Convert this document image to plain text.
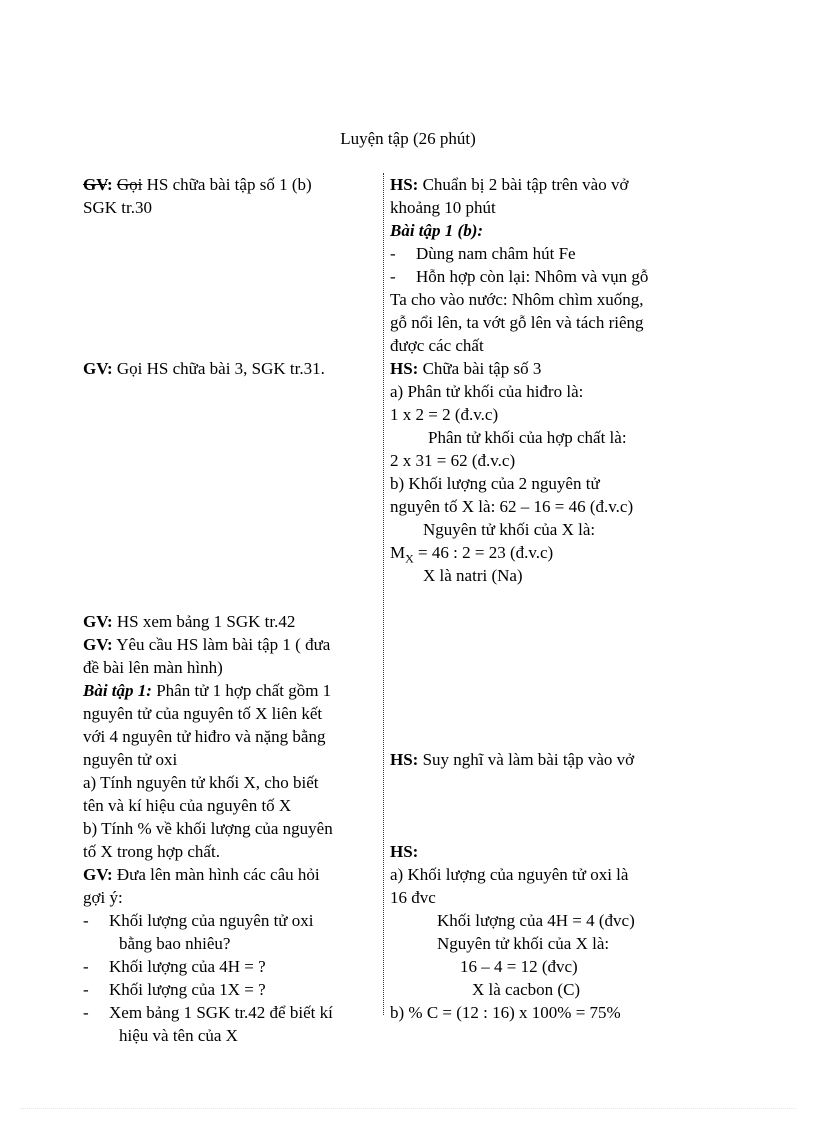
Luyện tập (26 phút)
GV: Gọi HS chữa bài tập số 1 (b)
SGK tr.30
GV: Gọi HS chữa bài 3, SGK tr.31.
GV: HS xem bảng 1 SGK tr.42
GV: Yêu cầu HS làm bài tập 1 ( đưa
đề bài lên màn hình)
Bài tập 1: Phân tử 1 hợp chất gồm 1
nguyên tử của nguyên tố X liên kết
với 4 nguyên tử hiđro và nặng bằng
nguyên tử oxi
a) Tính nguyên tử khối X, cho biết
tên và kí hiệu của nguyên tố X
b) Tính % về khối lượng của nguyên
tố X trong hợp chất.
GV: Đưa lên màn hình các câu hỏi
gợi ý:
- Khối lượng của nguyên tử oxi
bằng bao nhiêu?
- Khối lượng của 4H = ?
- Khối lượng của 1X = ?
- Xem bảng 1 SGK tr.42 để biết kí
hiệu và tên của X
HS: Chuẩn bị 2 bài tập trên vào vở
khoảng 10 phút
Bài tập 1 (b):
- Dùng nam châm hút Fe
- Hỗn hợp còn lại: Nhôm và vụn gỗ
Ta cho vào nước: Nhôm chìm xuống,
gỗ nổi lên, ta vớt gỗ lên và tách riêng
được các chất
HS: Chữa bài tập số 3
a) Phân tử khối của hiđro là:
1 x 2 = 2 (đ.v.c)
Phân tử khối của hợp chất là:
2 x 31 = 62 (đ.v.c)
b) Khối lượng của 2 nguyên tử
nguyên tố X là: 62 – 16 = 46 (đ.v.c)
Nguyên tử khối của X là:
$M_X = 46$ : 2 = 23 (đ.v.c)
X là natri (Na)
HS: Suy nghĩ và làm bài tập vào vở
HS:
a) Khối lượng của nguyên tử oxi là
16 đvc
Khối lượng của 4H = 4 (đvc)
Nguyên tử khối của X là:
16 – 4 = 12 (đvc)
X là cacbon (C)
b) % C = (12 : 16) x 100% = 75%
